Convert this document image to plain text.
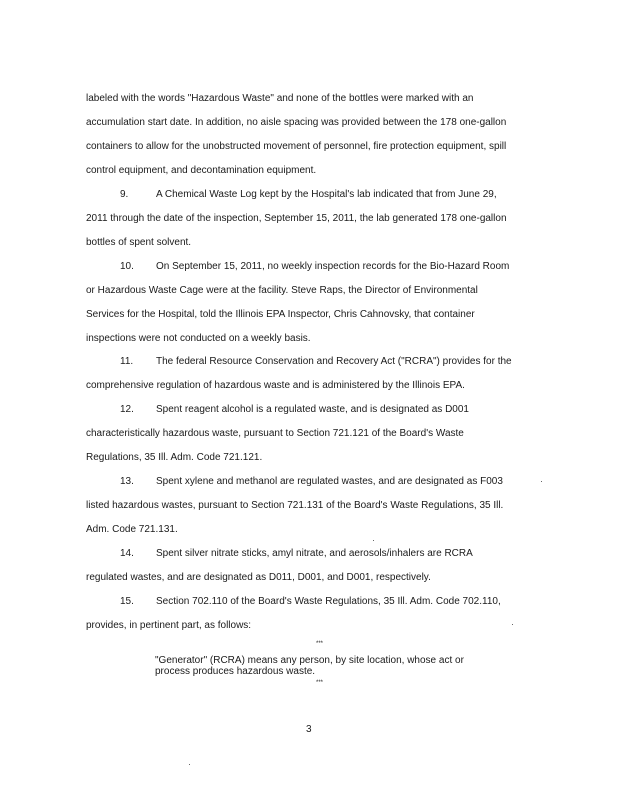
labeled with the words "Hazardous Waste" and none of the bottles were marked with an
accumulation start date. In addition, no aisle spacing was provided between the 178 one-gallon
containers to allow for the unobstructed movement of personnel, fire protection equipment, spill
control equipment, and decontamination equipment.
9.	A Chemical Waste Log kept by the Hospital's lab indicated that from June 29,
2011 through the date of the inspection, September 15, 2011, the lab generated 178 one-gallon
bottles of spent solvent.
10. On September 15, 2011, no weekly inspection records for the Bio-Hazard Room
or Hazardous Waste Cage were at the facility. Steve Raps, the Director of Environmental
Services for the Hospital, told the Illinois EPA Inspector, Chris Cahnovsky, that container
inspections were not conducted on a weekly basis.
11. The federal Resource Conservation and Recovery Act ("RCRA") provides for the
comprehensive regulation of hazardous waste and is administered by the Illinois EPA.
12. Spent reagent alcohol is a regulated waste, and is designated as D001
characteristically hazardous waste, pursuant to Section 721.121 of the Board's Waste
Regulations, 35 Ill. Adm. Code 721.121.
13. Spent xylene and methanol are regulated wastes, and are designated as F003
listed hazardous wastes, pursuant to Section 721.131 of the Board's Waste Regulations, 35 Ill.
Adm. Code 721.131.
14. Spent silver nitrate sticks, amyl nitrate, and aerosols/inhalers are RCRA
regulated wastes, and are designated as D011, D001, and D001, respectively.
15. Section 702.110 of the Board's Waste Regulations, 35 Ill. Adm. Code 702.110,
provides, in pertinent part, as follows:
***
"Generator" (RCRA) means any person, by site location, whose act or
process produces hazardous waste.
***
3
